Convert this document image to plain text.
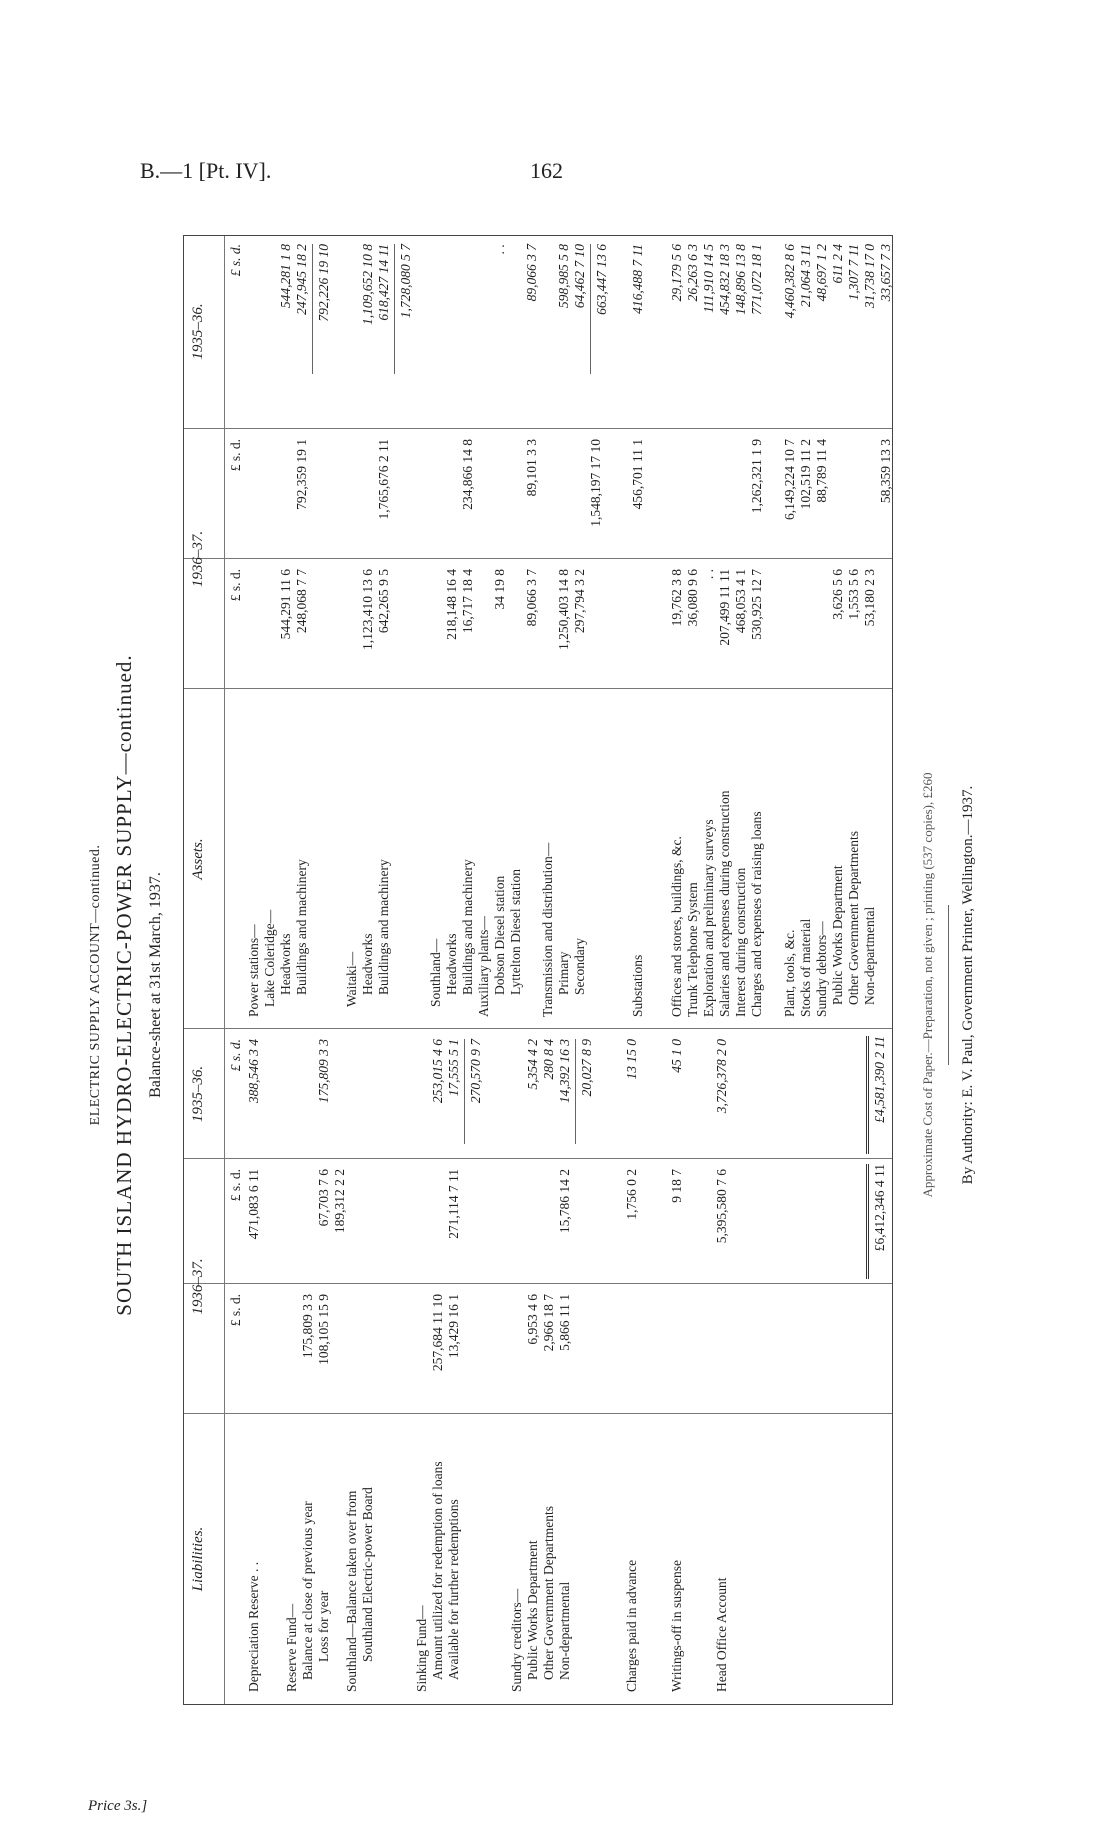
B.—1 [Pt. IV].	162
Price 3s.]
ELECTRIC SUPPLY ACCOUNT—continued. SOUTH ISLAND HYDRO-ELECTRIC-POWER SUPPLY—continued. Balance-sheet at 31st March, 1937.
Liabilities.
1936–37.
1935–36.
Assets.
1936–37.
1935–36.
£ s. d.
£ s. d.
£ s. d.
£ s. d.
£ s. d.
£ s. d.
Depreciation Reserve . .
471,083 6 11
388,546 3 4
Reserve Fund— Balance at close of previous year
175,809 3 3
Loss for year
108,105 15 9
67,703 7 6
175,809 3 3
Southland—Balance taken over from Southland Electric-power Board
189,312 2 2
Sinking Fund— Amount utilized for redemption of loans
257,684 11 10
253,015 4 6
Available for further redemptions
13,429 16 1
271,114 7 11
17,555 5 1 270,570 9 7
Sundry creditors— Public Works Department
6,953 4 6
5,354 4 2
Other Government Departments
2,966 18 7
280 8 4
Non-departmental
5,866 11 1
15,786 14 2
14,392 16 3 20,027 8 9
Charges paid in advance
1,756 0 2
13 15 0
Writings-off in suspense
9 18 7
45 1 0
Head Office Account
5,395,580 7 6
3,726,378 2 0
£6,412,346 4 11
£4,581,390 2 11
Power stations— Lake Coleridge— Headworks
544,291 11 6
544,281 1 8
Buildings and machinery
248,068 7 7
792,359 19 1
247,945 18 2 792,226 19 10
Waitaki— Headworks
1,123,410 13 6
1,109,652 10 8
Buildings and machinery
642,265 9 5
1,765,676 2 11
618,427 14 11 1,728,080 5 7
Southland— Headworks
218,148 16 4
Buildings and machinery
16,717 18 4
234,866 14 8
Auxiliary plants— Dobson Diesel station
34 19 8
. .
Lyttelton Diesel station
89,066 3 7
89,101 3 3
89,066 3 7
Transmission and distribution— Primary
1,250,403 14 8
598,985 5 8
Secondary
297,794 3 2
1,548,197 17 10
64,462 7 10 663,447 13 6
Substations
456,701 11 1
416,488 7 11
Offices and stores, buildings, &c.
19,762 3 8
29,179 5 6
Trunk Telephone System
36,080 9 6
26,263 6 3
Exploration and preliminary surveys
. .
111,910 14 5
Salaries and expenses during construction
207,499 11 11
454,832 18 3
Interest during construction
468,053 4 1
148,896 13 8
Charges and expenses of raising loans
530,925 12 7
1,262,321 1 9
771,072 18 1
Plant, tools, &c.
6,149,224 10 7
4,460,382 8 6
Stocks of material
102,519 11 2
21,064 3 11
Sundry debtors—
88,789 11 4
48,697 1 2
Public Works Department
3,626 5 6
611 2 4
Other Government Departments
1,553 5 6
1,307 7 11
Non-departmental
53,180 2 3
31,738 17 0
58,359 13 3
33,657 7 3
Approximate Cost of Paper.—Preparation, not given ; printing (537 copies), £260 By Authority: E. V. Paul, Government Printer, Wellington.—1937.
